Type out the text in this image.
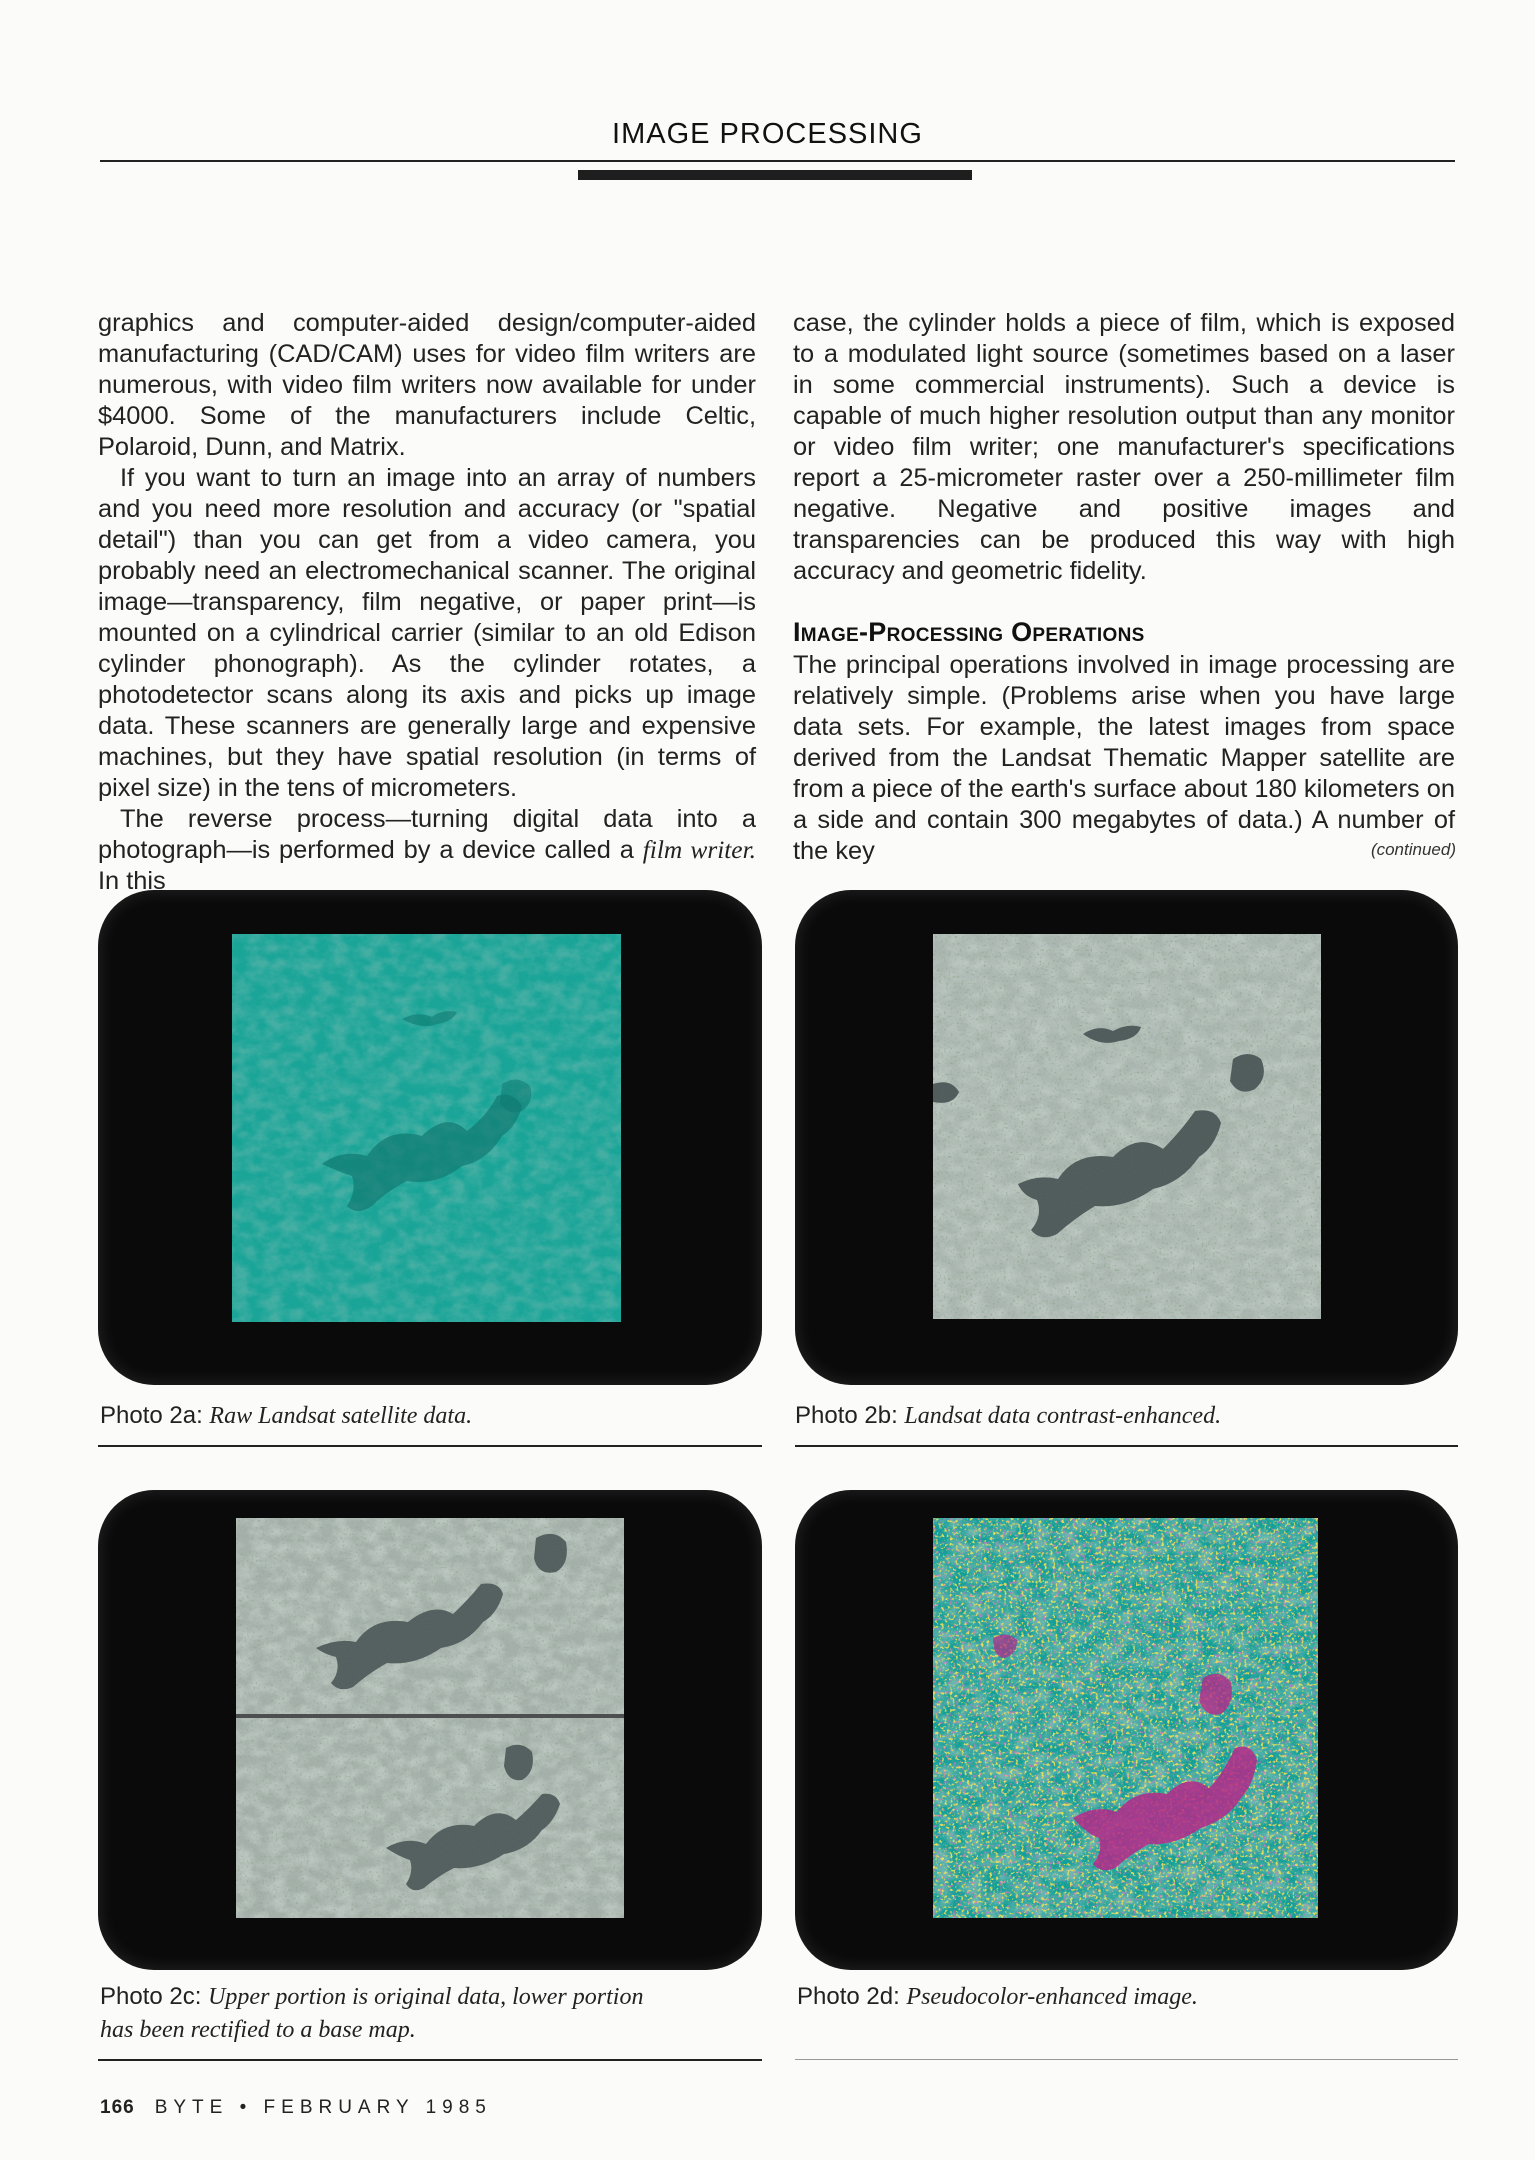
IMAGE PROCESSING

graphics and computer-aided design/computer-aided manufacturing (CAD/CAM) uses for video film writers are numerous, with video film writers now available for under $4000. Some of the manufacturers include Celtic, Polaroid, Dunn, and Matrix.

If you want to turn an image into an array of numbers and you need more resolution and accuracy (or "spatial detail") than you can get from a video camera, you probably need an electromechanical scanner. The original image—transparency, film negative, or paper print—is mounted on a cylindrical carrier (similar to an old Edison cylinder phonograph). As the cylinder rotates, a photodetector scans along its axis and picks up image data. These scanners are generally large and expensive machines, but they have spatial resolution (in terms of pixel size) in the tens of micrometers.

The reverse process—turning digital data into a photograph—is performed by a device called a film writer. In this

case, the cylinder holds a piece of film, which is exposed to a modulated light source (sometimes based on a laser in some commercial instruments). Such a device is capable of much higher resolution output than any monitor or video film writer; one manufacturer's specifications report a 25-micrometer raster over a 250-millimeter film negative. Negative and positive images and transparencies can be produced this way with high accuracy and geometric fidelity.

Image-Processing Operations

The principal operations involved in image processing are relatively simple. (Problems arise when you have large data sets. For example, the latest images from space derived from the Landsat Thematic Mapper satellite are from a piece of the earth's surface about 180 kilometers on a side and contain 300 megabytes of data.) A number of the key	(continued)
Photo 2a: Raw Landsat satellite data.	Photo 2b: Landsat data contrast-enhanced.
Photo 2c: Upper portion is original data, lower portion
has been rectified to a base map.
Photo 2d: Pseudocolor-enhanced image.
166 BYTE • FEBRUARY 1985
